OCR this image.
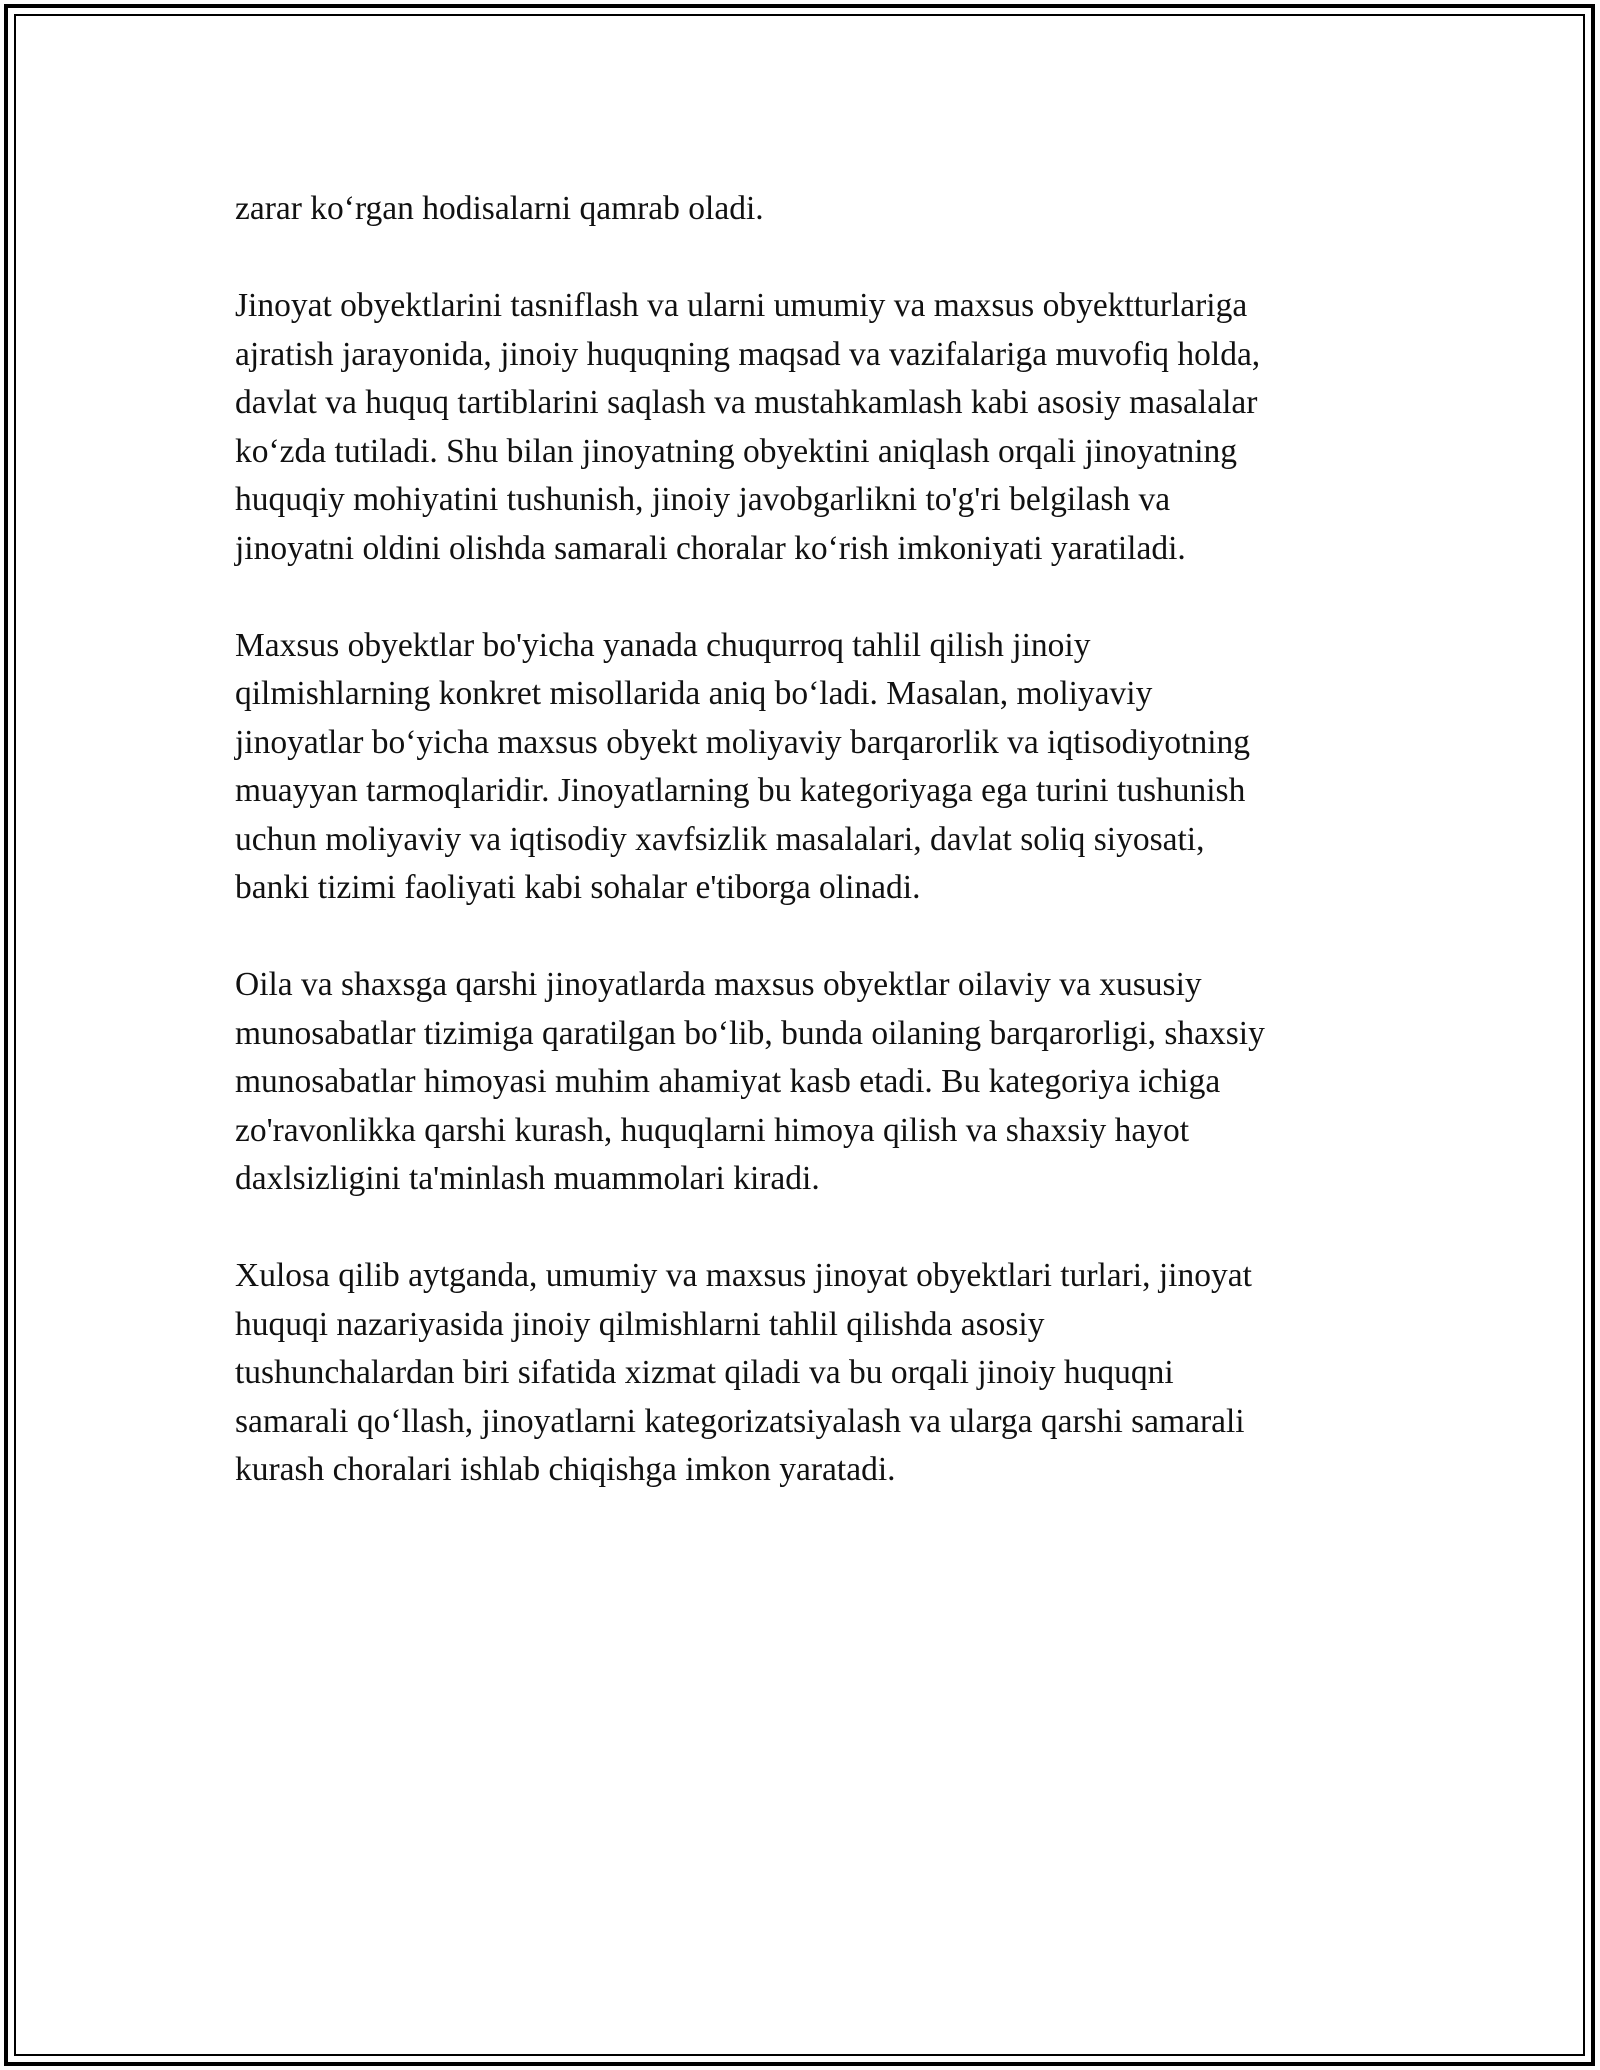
zarar koʻrgan hodisalarni qamrab oladi.

Jinoyat obyektlarini tasniflash va ularni umumiy va maxsus obyektturlariga
ajratish jarayonida, jinoiy huquqning maqsad va vazifalariga muvofiq holda,
davlat va huquq tartiblarini saqlash va mustahkamlash kabi asosiy masalalar
koʻzda tutiladi. Shu bilan jinoyatning obyektini aniqlash orqali jinoyatning
huquqiy mohiyatini tushunish, jinoiy javobgarlikni to'g'ri belgilash va
jinoyatni oldini olishda samarali choralar koʻrish imkoniyati yaratiladi.

Maxsus obyektlar bo'yicha yanada chuqurroq tahlil qilish jinoiy
qilmishlarning konkret misollarida aniq boʻladi. Masalan, moliyaviy
jinoyatlar boʻyicha maxsus obyekt moliyaviy barqarorlik va iqtisodiyotning
muayyan tarmoqlaridir. Jinoyatlarning bu kategoriyaga ega turini tushunish
uchun moliyaviy va iqtisodiy xavfsizlik masalalari, davlat soliq siyosati,
banki tizimi faoliyati kabi sohalar e'tiborga olinadi.

Oila va shaxsga qarshi jinoyatlarda maxsus obyektlar oilaviy va xususiy
munosabatlar tizimiga qaratilgan boʻlib, bunda oilaning barqarorligi, shaxsiy
munosabatlar himoyasi muhim ahamiyat kasb etadi. Bu kategoriya ichiga
zo'ravonlikka qarshi kurash, huquqlarni himoya qilish va shaxsiy hayot
daxlsizligini ta'minlash muammolari kiradi.

Xulosa qilib aytganda, umumiy va maxsus jinoyat obyektlari turlari, jinoyat
huquqi nazariyasida jinoiy qilmishlarni tahlil qilishda asosiy
tushunchalardan biri sifatida xizmat qiladi va bu orqali jinoiy huquqni
samarali qoʻllash, jinoyatlarni kategorizatsiyalash va ularga qarshi samarali
kurash choralari ishlab chiqishga imkon yaratadi.
